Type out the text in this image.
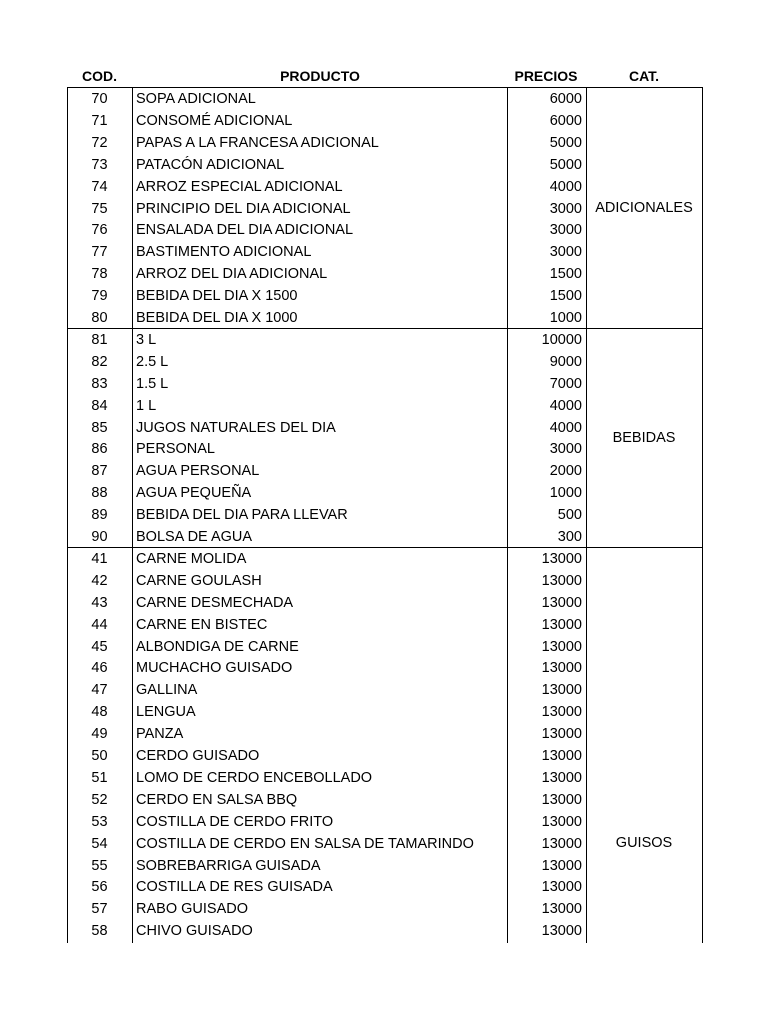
COD.	PRODUCTO	PRECIOS	CAT.
70	SOPA ADICIONAL	6000
71	CONSOMÉ ADICIONAL	6000
72	PAPAS A LA FRANCESA ADICIONAL	5000
73	PATACÓN ADICIONAL	5000
74	ARROZ ESPECIAL ADICIONAL	4000
75	PRINCIPIO DEL DIA ADICIONAL	3000
76	ENSALADA DEL DIA ADICIONAL	3000
77	BASTIMENTO ADICIONAL	3000
78	ARROZ DEL DIA ADICIONAL	1500
79	BEBIDA DEL DIA X 1500	1500
80	BEBIDA DEL DIA X 1000	1000
ADICIONALES
81	3 L	10000
82	2.5 L	9000
83	1.5 L	7000
84	1 L	4000
85	JUGOS NATURALES DEL DIA	4000
86	PERSONAL	3000
87	AGUA PERSONAL	2000
88	AGUA PEQUEÑA	1000
89	BEBIDA DEL DIA PARA LLEVAR	500
90	BOLSA DE AGUA	300
BEBIDAS
41	CARNE MOLIDA	13000
42	CARNE GOULASH	13000
43	CARNE DESMECHADA	13000
44	CARNE EN BISTEC	13000
45	ALBONDIGA DE CARNE	13000
46	MUCHACHO GUISADO	13000
47	GALLINA	13000
48	LENGUA	13000
49	PANZA	13000
50	CERDO GUISADO	13000
51	LOMO DE CERDO ENCEBOLLADO	13000
52	CERDO EN SALSA BBQ	13000
53	COSTILLA DE CERDO FRITO	13000
54	COSTILLA DE CERDO EN SALSA DE TAMARINDO	13000
55	SOBREBARRIGA GUISADA	13000
56	COSTILLA DE RES GUISADA	13000
57	RABO GUISADO	13000
58	CHIVO GUISADO	13000
GUISOS
